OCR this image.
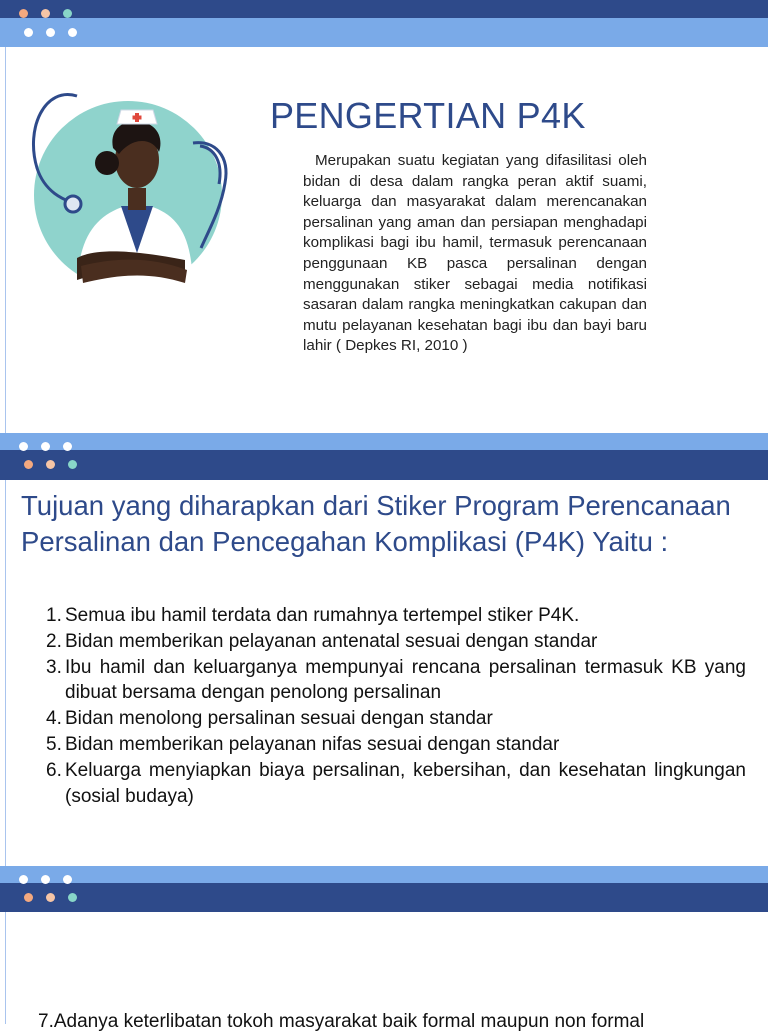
PENGERTIAN P4K
Merupakan suatu kegiatan yang difasilitasi oleh bidan di desa dalam rangka peran aktif suami, keluarga dan masyarakat dalam merencanakan persalinan yang aman dan persiapan menghadapi komplikasi bagi ibu hamil, termasuk perencanaan penggunaan KB pasca persalinan dengan menggunakan stiker sebagai media notifikasi sasaran dalam rangka meningkatkan cakupan dan mutu pelayanan kesehatan bagi ibu dan bayi baru lahir ( Depkes RI, 2010 )
Tujuan yang diharapkan dari Stiker Program Perencanaan Persalinan dan Pencegahan Komplikasi (P4K) Yaitu :
1. Semua ibu hamil terdata dan rumahnya tertempel stiker P4K.
2. Bidan memberikan pelayanan antenatal sesuai dengan standar
3. Ibu hamil dan keluarganya mempunyai rencana persalinan termasuk KB yang dibuat bersama dengan penolong persalinan
4. Bidan menolong persalinan sesuai dengan standar
5. Bidan memberikan pelayanan nifas sesuai dengan standar
6. Keluarga menyiapkan biaya persalinan, kebersihan, dan kesehatan lingkungan (sosial budaya)
7.Adanya keterlibatan tokoh masyarakat baik formal maupun non formal
